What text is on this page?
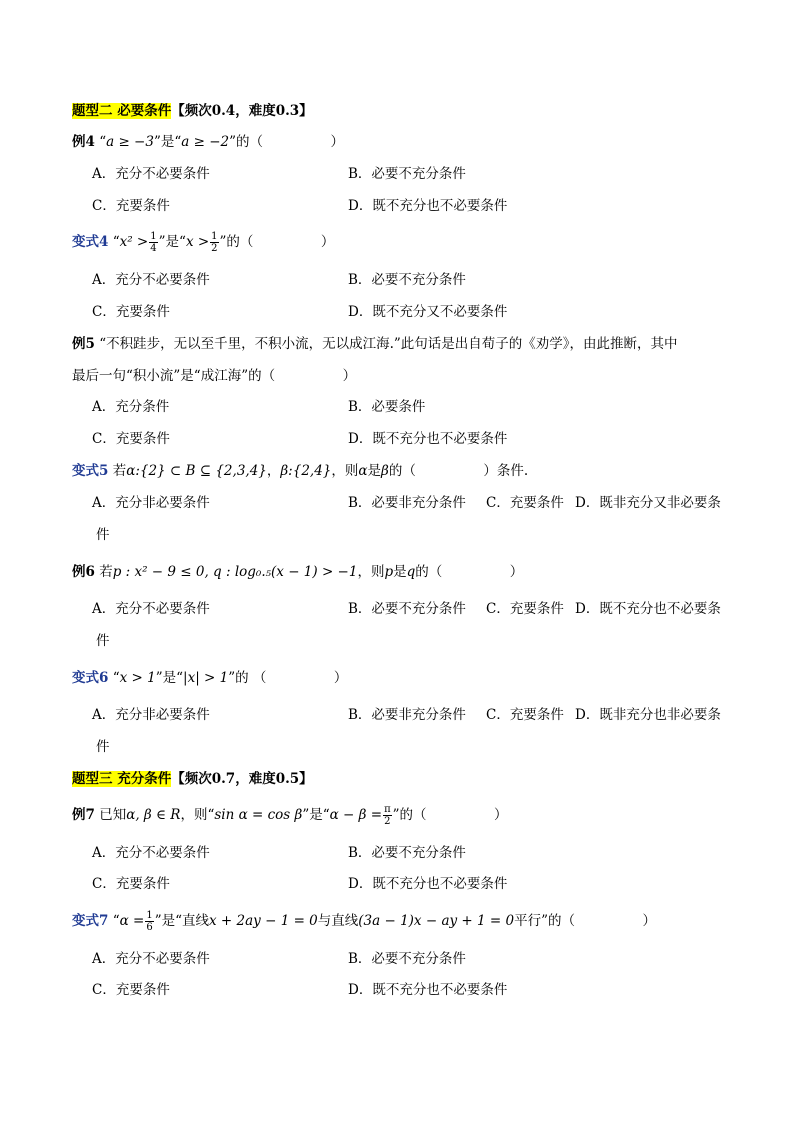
题型二 必要条件【频次0.4，难度0.3】
例4 “a ≥ −3”是“a ≥ −2”的（　　　　　）
A．充分不必要条件	B．必要不充分条件
C．充要条件	D．既不充分也不必要条件
变式4 “$x^2 > \frac{1}{4}$ ”是“$x > \frac{1}{2}$ ”的（　　　　　）
A．充分不必要条件	B．必要不充分条件
C．充要条件	D．既不充分又不必要条件
例5 “不积跬步，无以至千里，不积小流，无以成江海.”此句话是出自荀子的《劝学》，由此推断，其中
最后一句“积小流”是“成江海”的（　　　　　）
A．充分条件	B．必要条件
C．充要条件	D．既不充分也不必要条件
变式5 若α:{2} ⊂ B ⊆ {2,3,4}，β:{2,4}，则α是β的（　　　　　）条件.
A．充分非必要条件	B．必要非充分条件 C．充要条件 D．既非充分又非必要条
件
例6 若p : x² − 9 ≤ 0, q : log₀.₅(x − 1) > −1，则p是q的（　　　　　）
A．充分不必要条件	B．必要不充分条件 C．充要条件 D．既不充分也不必要条
件
变式6 “x > 1”是“|x| > 1”的 （　　　　　）
A．充分非必要条件	B．必要非充分条件 C．充要条件 D．既非充分也非必要条
件
题型三 充分条件【频次0.7，难度0.5】
例7 已知α, β ∈ R，则“sin α = cos β”是“$\alpha - \beta = \frac{\pi}{2}$ ”的（　　　　　）
A．充分不必要条件	B．必要不充分条件
C．充要条件	D．既不充分也不必要条件
变式7 “$\alpha = \frac{1}{6}$ ”是“直线x + 2ay − 1 = 0与直线(3a − 1)x − ay + 1 = 0平行”的（　　　　　）
A．充分不必要条件	B．必要不充分条件
C．充要条件	D．既不充分也不必要条件
